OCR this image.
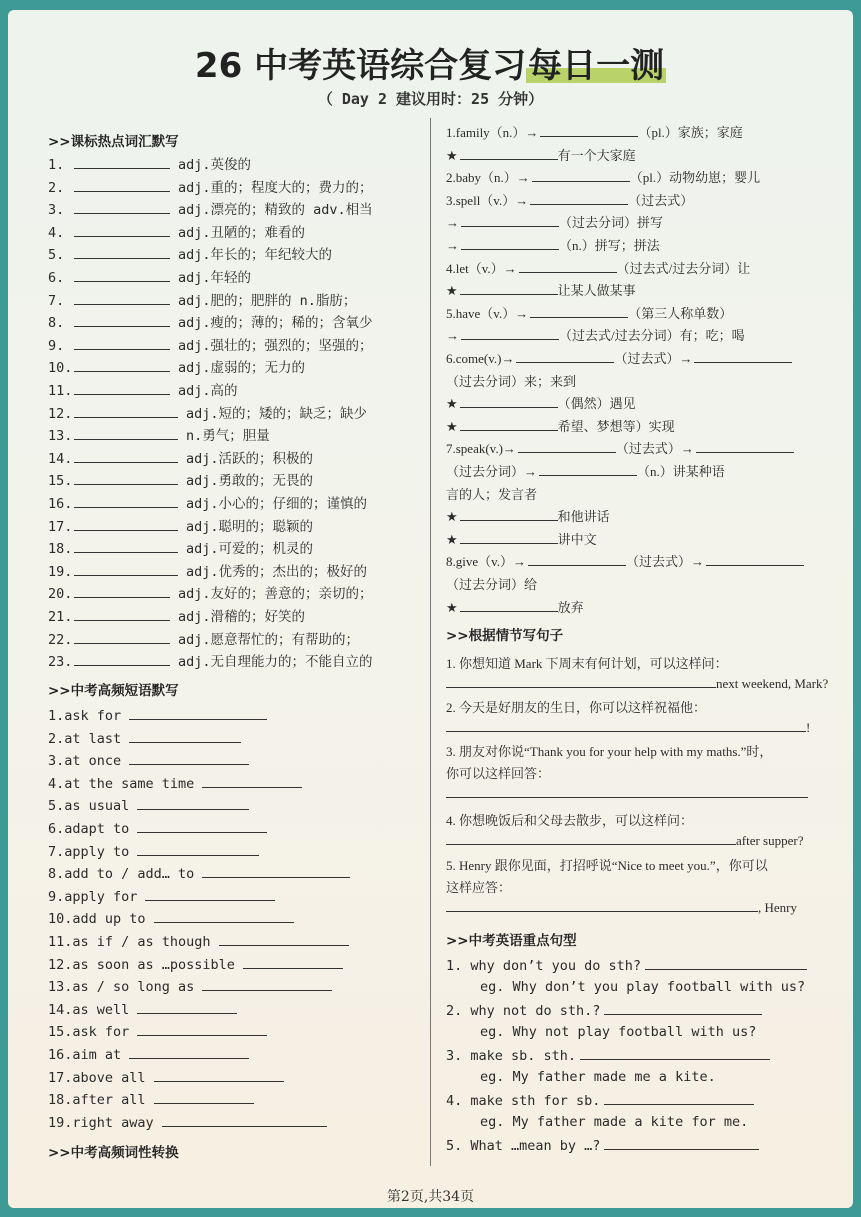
26 中考英语综合复习每日一测
（ Day 2 建议用时：25 分钟）
>>课标热点词汇默写
1.	adj.英俊的
2.	adj.重的；程度大的；费力的；
3.	adj.漂亮的；精致的 adv.相当
4.	adj.丑陋的；难看的
5.	adj.年长的；年纪较大的
6.	adj.年轻的
7.	adj.肥的；肥胖的 n.脂肪；
8.	adj.瘦的；薄的；稀的；含氧少
9.	adj.强壮的；强烈的；坚强的；
10.	adj.虚弱的；无力的
11.	adj.高的
12.	adj.短的；矮的；缺乏；缺少
13.	n.勇气；胆量
14.	adj.活跃的；积极的
15.	adj.勇敢的；无畏的
16.	adj.小心的；仔细的；谨慎的
17.	adj.聪明的；聪颖的
18.	adj.可爱的；机灵的
19.	adj.优秀的；杰出的；极好的
20.	adj.友好的；善意的；亲切的；
21.	adj.滑稽的；好笑的
22.	adj.愿意帮忙的；有帮助的；
23.	adj.无自理能力的；不能自立的
>>中考高频短语默写
1.ask for
2.at last
3.at once
4.at the same time
5.as usual
6.adapt to
7.apply to
8.add to / add… to
9.apply for
10.add up to
11.as if / as though
12.as soon as …possible
13.as / so long as
14.as well
15.ask for
16.aim at
17.above all
18.after all
19.right away
>>中考高频词性转换
1.family（n.）→	（pl.）家族；家庭
★	有一个大家庭
2.baby（n.）→	（pl.）动物幼崽；婴儿
3.spell（v.）→	（过去式）
→	（过去分词）拼写
→	（n.）拼写；拼法
4.let（v.）→	（过去式/过去分词）让
★	让某人做某事
5.have（v.）→	（第三人称单数）
→	（过去式/过去分词）有；吃；喝
6.come(v.)→	（过去式）→
（过去分词）来；来到
★	（偶然）遇见
★	希望、梦想等）实现
7.speak(v.)→	（过去式）→
（过去分词）→	（n.）讲某种语
言的人；发言者
★	和他讲话
★	讲中文
8.give（v.）→	（过去式）→
（过去分词）给
★	放弃
>>根据情节写句子
1. 你想知道 Mark 下周末有何计划，可以这样问：
next weekend, Mark?
2. 今天是好朋友的生日，你可以这样祝福他：
!
3. 朋友对你说“Thank you for your help with my maths.”时，
你可以这样回答：
4. 你想晚饭后和父母去散步，可以这样问：
after supper?
5. Henry 跟你见面，打招呼说“Nice to meet you.”，你可以
这样应答：
, Henry
>>中考英语重点句型
1. why don’t you do sth?
eg. Why don’t you play football with us?
2. why not do sth.?
eg. Why not play football with us?
3. make sb. sth.
eg. My father made me a kite.
4. make sth for sb.
eg. My father made a kite for me.
5. What …mean by …?
第2页,共34页
